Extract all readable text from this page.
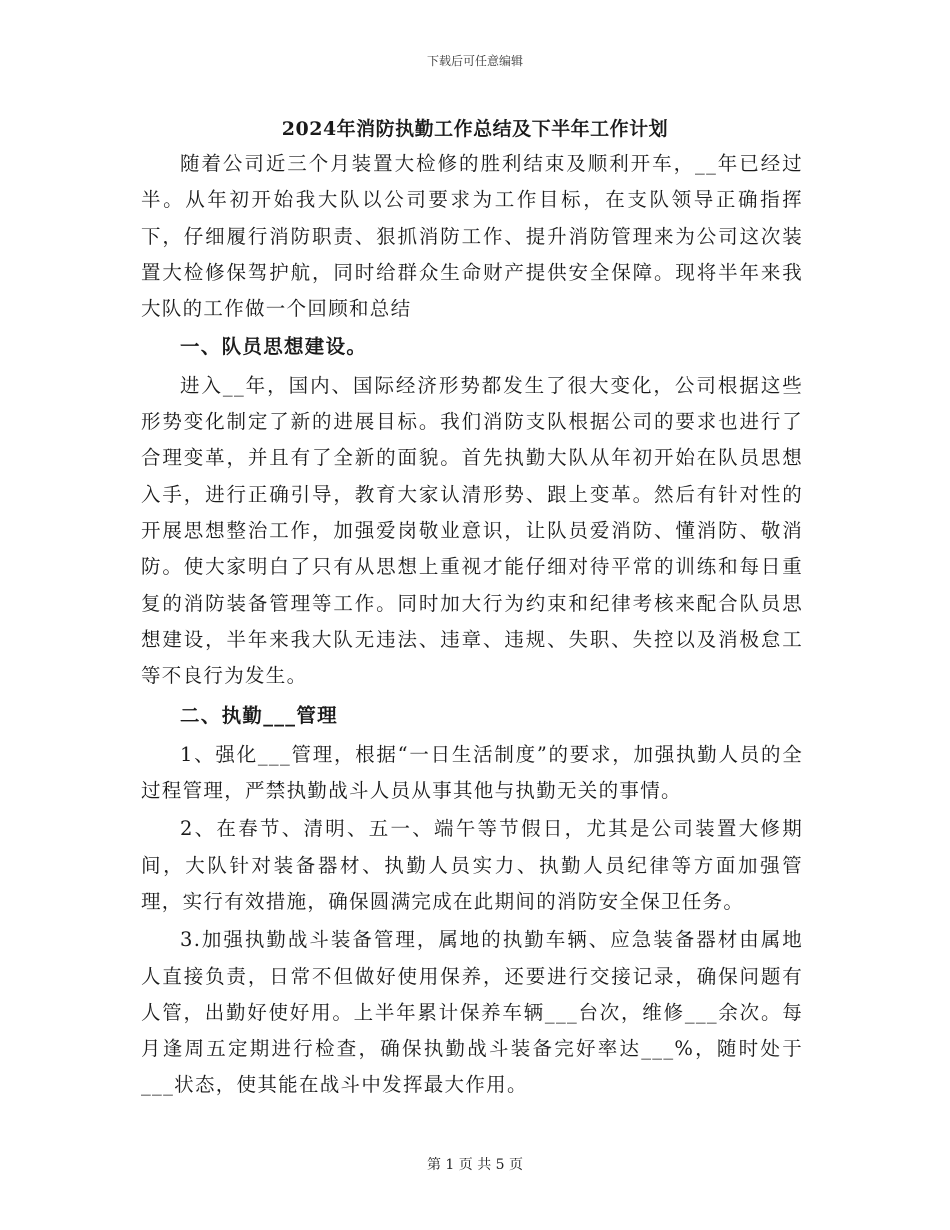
下载后可任意编辑
2024年消防执勤工作总结及下半年工作计划

随着公司近三个月装置大检修的胜利结束及顺利开车，__年已经过半。从年初开始我大队以公司要求为工作目标，在支队领导正确指挥下，仔细履行消防职责、狠抓消防工作、提升消防管理来为公司这次装置大检修保驾护航，同时给群众生命财产提供安全保障。现将半年来我大队的工作做一个回顾和总结

一、队员思想建设。

进入__年，国内、国际经济形势都发生了很大变化，公司根据这些形势变化制定了新的进展目标。我们消防支队根据公司的要求也进行了合理变革，并且有了全新的面貌。首先执勤大队从年初开始在队员思想入手，进行正确引导，教育大家认清形势、跟上变革。然后有针对性的开展思想整治工作，加强爱岗敬业意识，让队员爱消防、懂消防、敬消防。使大家明白了只有从思想上重视才能仔细对待平常的训练和每日重复的消防装备管理等工作。同时加大行为约束和纪律考核来配合队员思想建设，半年来我大队无违法、违章、违规、失职、失控以及消极怠工等不良行为发生。

二、执勤___管理

1、强化___管理，根据“一日生活制度”的要求，加强执勤人员的全过程管理，严禁执勤战斗人员从事其他与执勤无关的事情。

2、在春节、清明、五一、端午等节假日，尤其是公司装置大修期间，大队针对装备器材、执勤人员实力、执勤人员纪律等方面加强管理，实行有效措施，确保圆满完成在此期间的消防安全保卫任务。

3.加强执勤战斗装备管理，属地的执勤车辆、应急装备器材由属地人直接负责，日常不但做好使用保养，还要进行交接记录，确保问题有人管，出勤好使好用。上半年累计保养车辆___台次，维修___余次。每月逢周五定期进行检查，确保执勤战斗装备完好率达___%，随时处于___状态，使其能在战斗中发挥最大作用。

第 1 页 共 5 页
